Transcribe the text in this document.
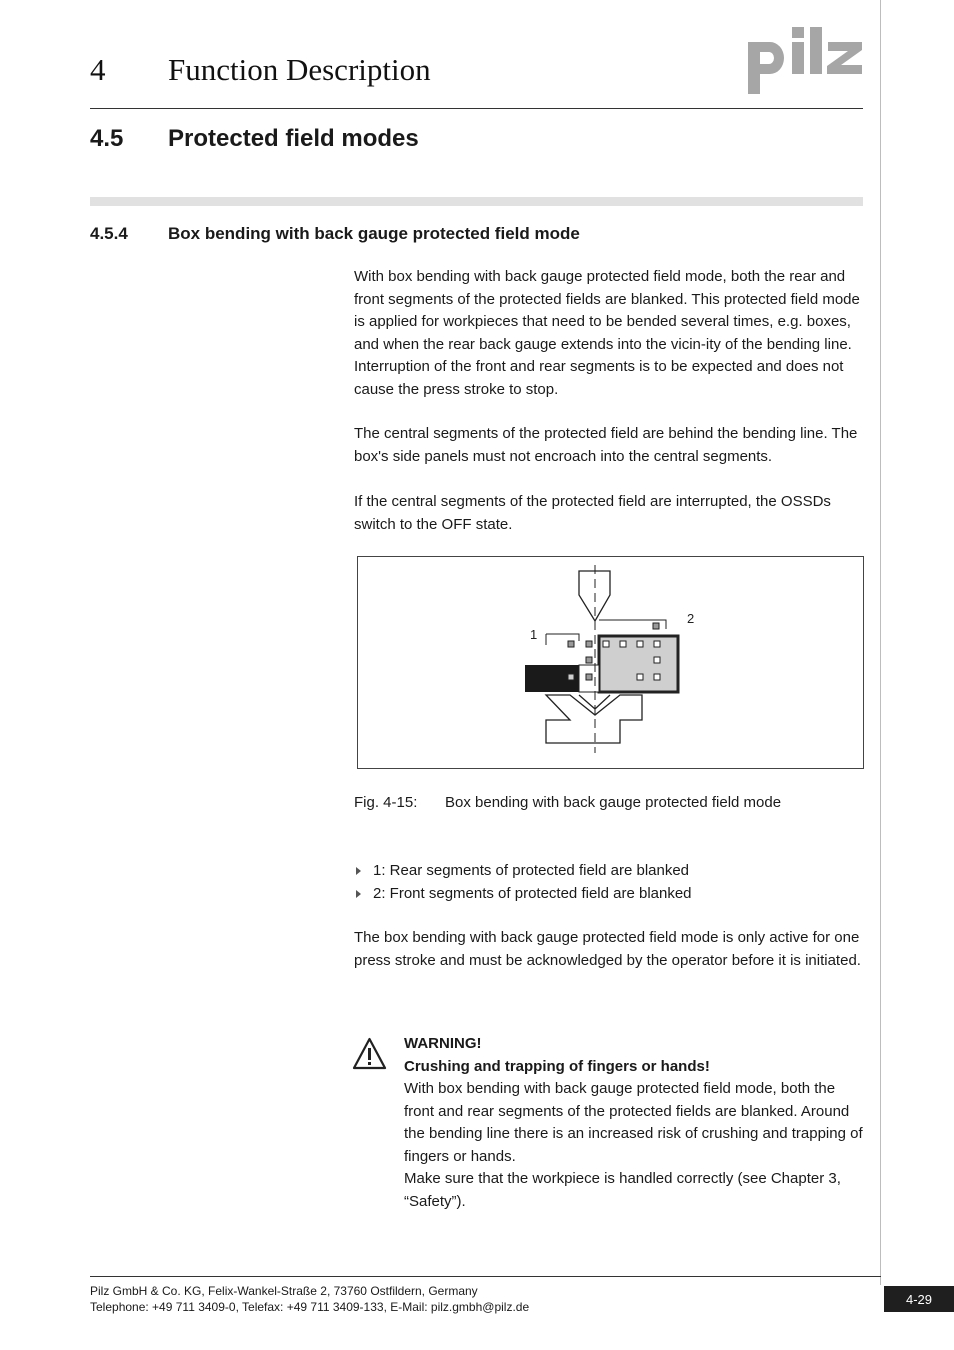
4 Function Description
4.5 Protected field modes
4.5.4 Box bending with back gauge protected field mode
With box bending with back gauge protected field mode, both the rear and front segments of the protected fields are blanked. This protected field mode is applied for workpieces that need to be bended several times, e.g. boxes, and when the rear back gauge extends into the vicin-ity of the bending line. Interruption of the front and rear segments is to be expected and does not cause the press stroke to stop.
The central segments of the protected field are behind the bending line. The box's side panels must not encroach into the central segments.
If the central segments of the protected field are interrupted, the OSSDs switch to the OFF state.
1
2
Fig. 4-15: Box bending with back gauge protected field mode
1: Rear segments of protected field are blanked
2: Front segments of protected field are blanked
The box bending with back gauge protected field mode is only active for one press stroke and must be acknowledged by the operator before it is initiated.
WARNING!
Crushing and trapping of fingers or hands!
With box bending with back gauge protected field mode, both the front and rear segments of the protected fields are blanked. Around the bending line there is an increased risk of crushing and trapping of fingers or hands.
Make sure that the workpiece is handled correctly (see Chapter 3, “Safety”).
Pilz GmbH & Co. KG, Felix-Wankel-Straße 2, 73760 Ostfildern, Germany
Telephone: +49 711 3409-0, Telefax: +49 711 3409-133, E-Mail: pilz.gmbh@pilz.de
4-29
